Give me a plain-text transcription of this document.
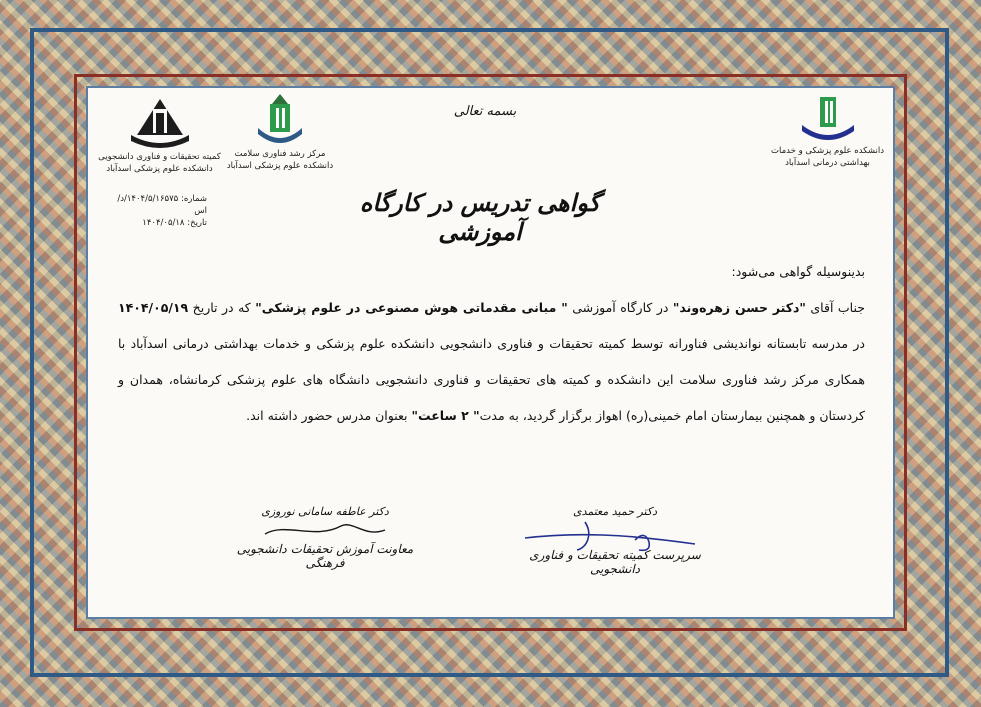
کمیته تحقیقات و فناوری دانشجویی
دانشکده علوم پزشکی اسدآباد
شماره: ۱۴۰۴/۵/۱۶۵۷۵/د/اس
تاریخ: ۱۴۰۴/۰۵/۱۸
مرکز رشد فناوری سلامت
دانشکده علوم پزشکی اسدآباد
دانشکده علوم پزشکی و خدمات
بهداشتی درمانی اسدآباد
بسمه تعالی
گواهی تدریس در کارگاه آموزشی
بدینوسیله گواهی می‌شود:
جناب آقای "دکتر حسن زهره‌وند" در کارگاه آموزشی " مبانی مقدماتی هوش مصنوعی در علوم پزشکی" که در تاریخ ۱۴۰۴/۰۵/۱۹ در مدرسه تابستانه نواندیشی فناورانه توسط کمیته تحقیقات و فناوری دانشجویی دانشکده علوم پزشکی و خدمات بهداشتی درمانی اسدآباد با همکاری مرکز رشد فناوری سلامت این دانشکده و کمیته های تحقیقات و فناوری دانشجویی دانشگاه های علوم پزشکی کرمانشاه، همدان و کردستان و همچنین بیمارستان امام خمینی(ره) اهواز برگزار گردید، به مدت" ۲ ساعت" بعنوان مدرس حضور داشته اند.
دکتر حمید معتمدی
سرپرست کمیته تحقیقات و فناوری دانشجویی
دکتر عاطفه سامانی نوروزی
معاونت آموزش تحقیقات دانشجویی فرهنگی
